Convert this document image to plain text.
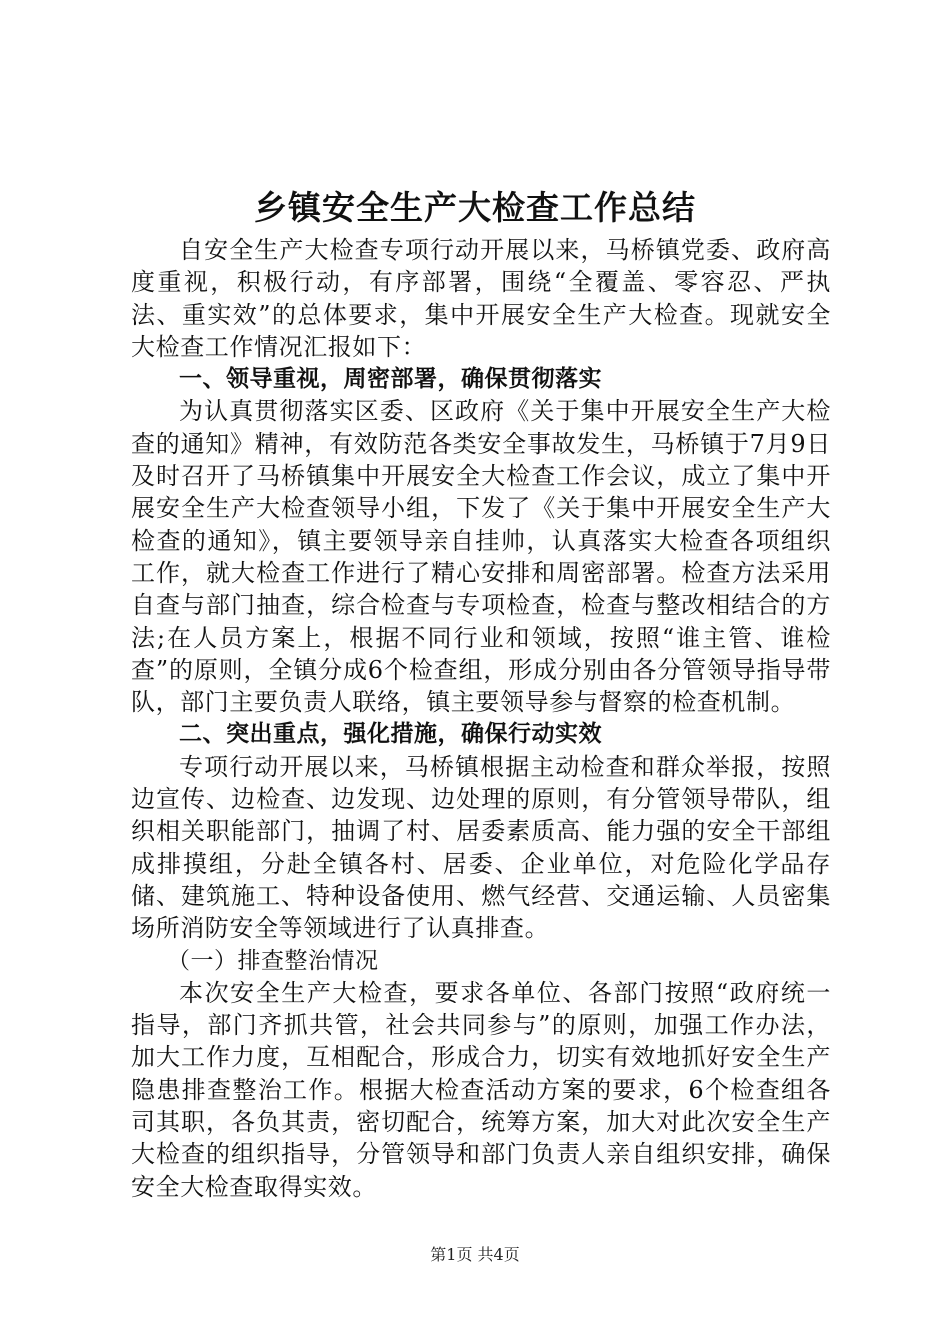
乡镇安全生产大检查工作总结

自安全生产大检查专项行动开展以来，马桥镇党委、政府高度重视，积极行动，有序部署，围绕“全覆盖、零容忍、严执法、重实效”的总体要求，集中开展安全生产大检查。现就安全大检查工作情况汇报如下：

一、领导重视，周密部署，确保贯彻落实

为认真贯彻落实区委、区政府《关于集中开展安全生产大检查的通知》精神，有效防范各类安全事故发生，马桥镇于7月9日及时召开了马桥镇集中开展安全大检查工作会议，成立了集中开展安全生产大检查领导小组，下发了《关于集中开展安全生产大检查的通知》，镇主要领导亲自挂帅，认真落实大检查各项组织工作，就大检查工作进行了精心安排和周密部署。检查方法采用自查与部门抽查，综合检查与专项检查，检查与整改相结合的方法;在人员方案上，根据不同行业和领域，按照“谁主管、谁检查”的原则，全镇分成6个检查组，形成分别由各分管领导指导带队，部门主要负责人联络，镇主要领导参与督察的检查机制。

二、突出重点，强化措施，确保行动实效

专项行动开展以来，马桥镇根据主动检查和群众举报，按照边宣传、边检查、边发现、边处理的原则，有分管领导带队，组织相关职能部门，抽调了村、居委素质高、能力强的安全干部组成排摸组，分赴全镇各村、居委、企业单位，对危险化学品存储、建筑施工、特种设备使用、燃气经营、交通运输、人员密集场所消防安全等领域进行了认真排查。

（一）排查整治情况

本次安全生产大检查，要求各单位、各部门按照“政府统一指导，部门齐抓共管，社会共同参与”的原则，加强工作办法，加大工作力度，互相配合，形成合力，切实有效地抓好安全生产隐患排查整治工作。根据大检查活动方案的要求，6个检查组各司其职，各负其责，密切配合，统筹方案，加大对此次安全生产大检查的组织指导，分管领导和部门负责人亲自组织安排，确保安全大检查取得实效。

第1页 共4页
